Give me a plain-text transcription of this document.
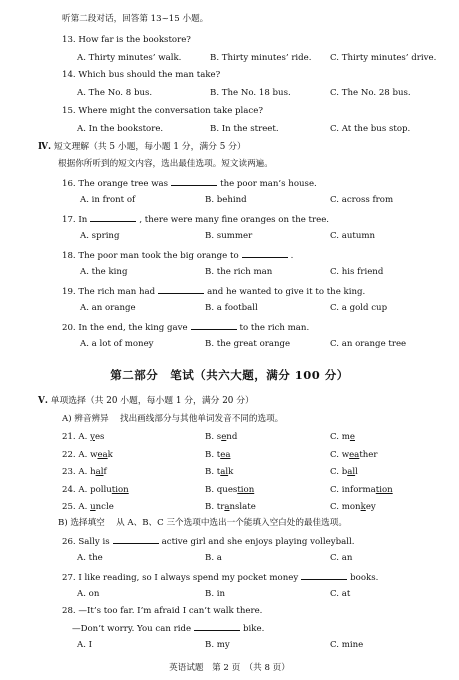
听第二段对话，回答第 13~15 小题。
13. How far is the bookstore?
A. Thirty minutes’ walk.	B. Thirty minutes’ ride. C. Thirty minutes’ drive.
14. Which bus should the man take?
A. The No. 8 bus.	B. The No. 18 bus.	C. The No. 28 bus.
15. Where might the conversation take place?
A. In the bookstore.	B. In the street.	C. At the bus stop.
Ⅳ. 短文理解（共 5 小题，每小题 1 分，满分 5 分）
根据你所听到的短文内容，选出最佳选项。短文读两遍。
16. The orange tree was	the poor man’s house.
A. in front of	B. behind	C. across from
17. In	, there were many fine oranges on the tree.
A. spring	B. summer	C. autumn
18. The poor man took the big orange to	.
A. the king	B. the rich man	C. his friend
19. The rich man had	and he wanted to give it to the king.
A. an orange	B. a football	C. a gold cup
20. In the end, the king gave	to the rich man.
A. a lot of money	B. the great orange	C. an orange tree
第二部分　笔试（共六大题，满分 100 分）
Ⅴ. 单项选择（共 20 小题，每小题 1 分，满分 20 分）
A) 辨音辨异　 找出画线部分与其他单词发音不同的选项。
21. A. yes	B. send	C. me
22. A. weak	B. tea	C. weather
23. A. half	B. talk	C. ball
24. A. pollution	B. question	C. information
25. A. uncle	B. translate	C. monkey
B) 选择填空　 从 A、B、C 三个选项中选出一个能填入空白处的最佳选项。
26. Sally is	active girl and she enjoys playing volleyball.
A. the	B. a	C. an
27. I like reading, so I always spend my pocket money	books.
A. on	B. in	C. at
28. —It’s too far. I’m afraid I can’t walk there.
—Don’t worry. You can ride	bike.
A. I	B. my	C. mine
英语试题　第 2 页　（共 8 页）
